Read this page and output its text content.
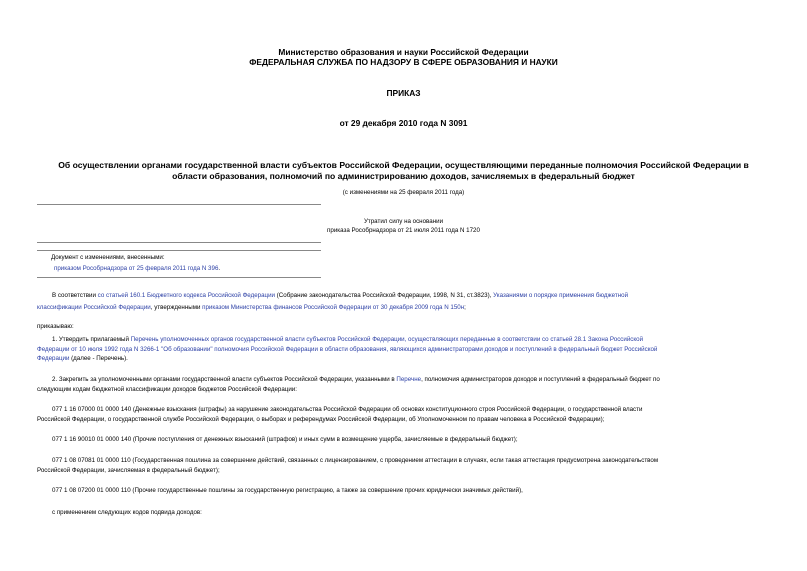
Министерство образования и науки Российской Федерации
ФЕДЕРАЛЬНАЯ СЛУЖБА ПО НАДЗОРУ В СФЕРЕ ОБРАЗОВАНИЯ И НАУКИ
ПРИКАЗ
от 29 декабря 2010 года N 3091
Об осуществлении органами государственной власти субъектов Российской Федерации, осуществляющими переданные полномочия Российской Федерации в
области образования, полномочий по администрированию доходов, зачисляемых в федеральный бюджет
(с изменениями на 25 февраля 2011 года)
Утратил силу на основании
приказа Рособрнадзора от 21 июля 2011 года N 1720
Документ с изменениями, внесенными:
приказом Рособрнадзора от 25 февраля 2011 года N 396.
В соответствии со статьей 160.1 Бюджетного кодекса Российской Федерации (Собрание законодательства Российской Федерации, 1998, N 31, ст.3823), Указаниями о порядке применения бюджетной
классификации Российской Федерации, утвержденными приказом Министерства финансов Российской Федерации от 30 декабря 2009 года N 150н;
приказываю:
1. Утвердить прилагаемый Перечень уполномоченных органов государственной власти субъектов Российской Федерации, осуществляющих переданные в соответствии со статьей 28.1 Закона Российской
Федерации от 10 июля 1992 года N 3266-1 "Об образовании" полномочия Российской Федерации в области образования, являющихся администраторами доходов и поступлений в федеральный бюджет Российской
Федерации (далее - Перечень).
2. Закрепить за уполномоченными органами государственной власти субъектов Российской Федерации, указанными в Перечне, полномочия администраторов доходов и поступлений в федеральный бюджет по
следующим кодам бюджетной классификации доходов бюджетов Российской Федерации:
077 1 16 07000 01 0000 140 (Денежные взыскания (штрафы) за нарушение законодательства Российской Федерации об основах конституционного строя Российской Федерации, о государственной власти
Российской Федерации, о государственной службе Российской Федерации, о выборах и референдумах Российской Федерации, об Уполномоченном по правам человека в Российской Федерации);
077 1 16 90010 01 0000 140 (Прочие поступления от денежных взысканий (штрафов) и иных сумм в возмещение ущерба, зачисляемые в федеральный бюджет);
077 1 08 07081 01 0000 110 (Государственная пошлина за совершение действий, связанных с лицензированием, с проведением аттестации в случаях, если такая аттестация предусмотрена законодательством
Российской Федерации, зачисляемая в федеральный бюджет);
077 1 08 07200 01 0000 110 (Прочие государственные пошлины за государственную регистрацию, а также за совершение прочих юридически значимых действий),
с применением следующих кодов подвида доходов:
